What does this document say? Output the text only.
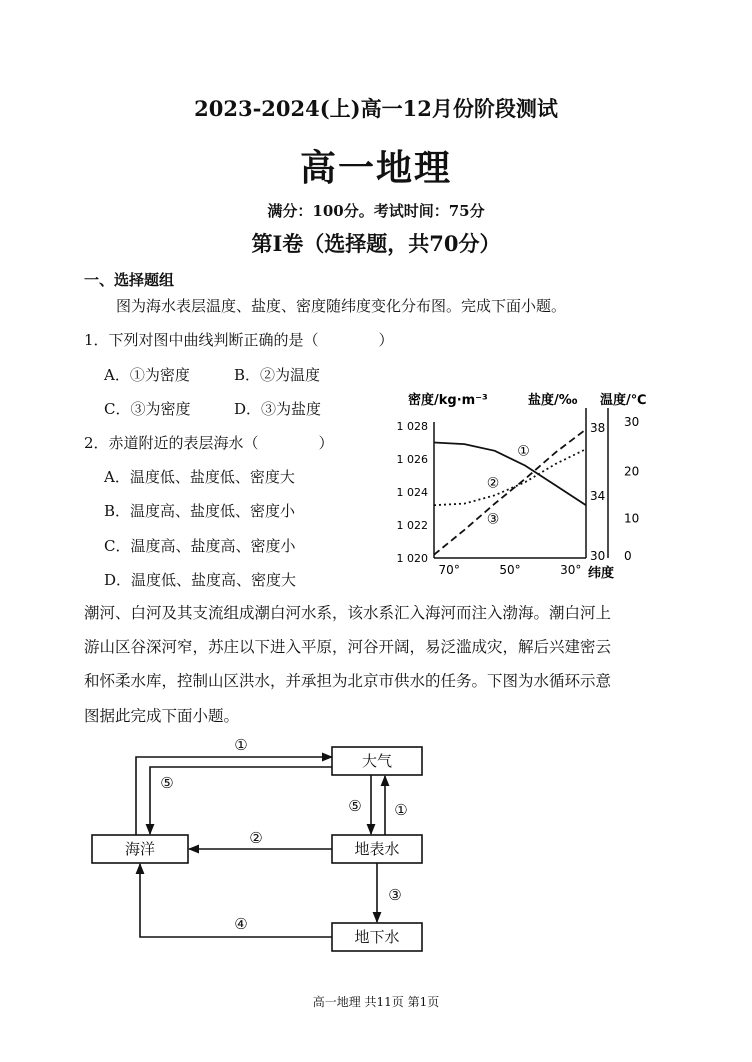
2023-2024(上)高一12月份阶段测试
高一地理
满分：100分。考试时间：75分
第Ⅰ卷（选择题，共70分）
一、选择题组
图为海水表层温度、盐度、密度随纬度变化分布图。完成下面小题。
1．下列对图中曲线判断正确的是（　　　　）
A．①为密度	B．②为温度
C．③为密度	D．③为盐度
2．赤道附近的表层海水（　　　　）
A．温度低、盐度低、密度大
B．温度高、盐度低、密度小
C．温度高、盐度高、密度小
D．温度低、盐度高、密度大
密度/kg·m⁻³	盐度/‰ 温度/℃
1 028
1 026
1 024
1 022
1 020
38
34
30
30
20
10
0
70°	50°	30°
①
②
③
纬度
潮河、白河及其支流组成潮白河水系，该水系汇入海河而注入渤海。潮白河上
游山区谷深河窄，苏庄以下进入平原，河谷开阔，易泛滥成灾，解后兴建密云
和怀柔水库，控制山区洪水，并承担为北京市供水的任务。下图为水循环示意
图据此完成下面小题。
大气
海洋	地表水
地下水
①
⑤
②
⑤ ①
③
④
高一地理 共11页 第1页
